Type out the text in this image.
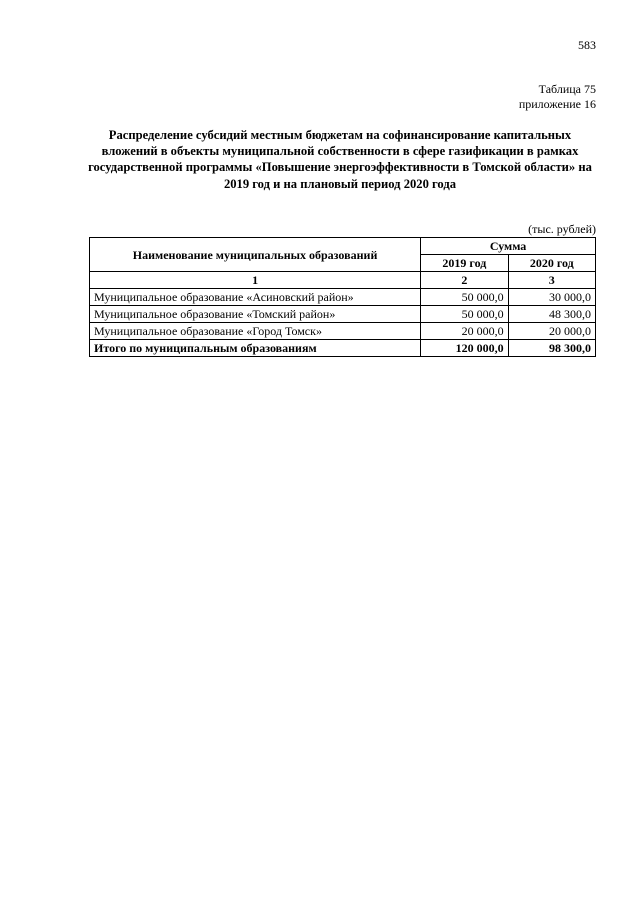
583
Таблица 75
приложение 16
Распределение субсидий местным бюджетам на софинансирование капитальных вложений в объекты муниципальной собственности в сфере газификации в рамках государственной программы «Повышение энергоэффективности в Томской области» на 2019 год и на плановый период 2020 года
(тыс. рублей)
Наименование муниципальных образований	Сумма	
	2019 год	2020 год
1	2	3
Муниципальное образование «Асиновский район»	50 000,0	30 000,0
Муниципальное образование «Томский район»	50 000,0	48 300,0
Муниципальное образование «Город Томск»	20 000,0	20 000,0
Итого по муниципальным образованиям	120 000,0	98 300,0
